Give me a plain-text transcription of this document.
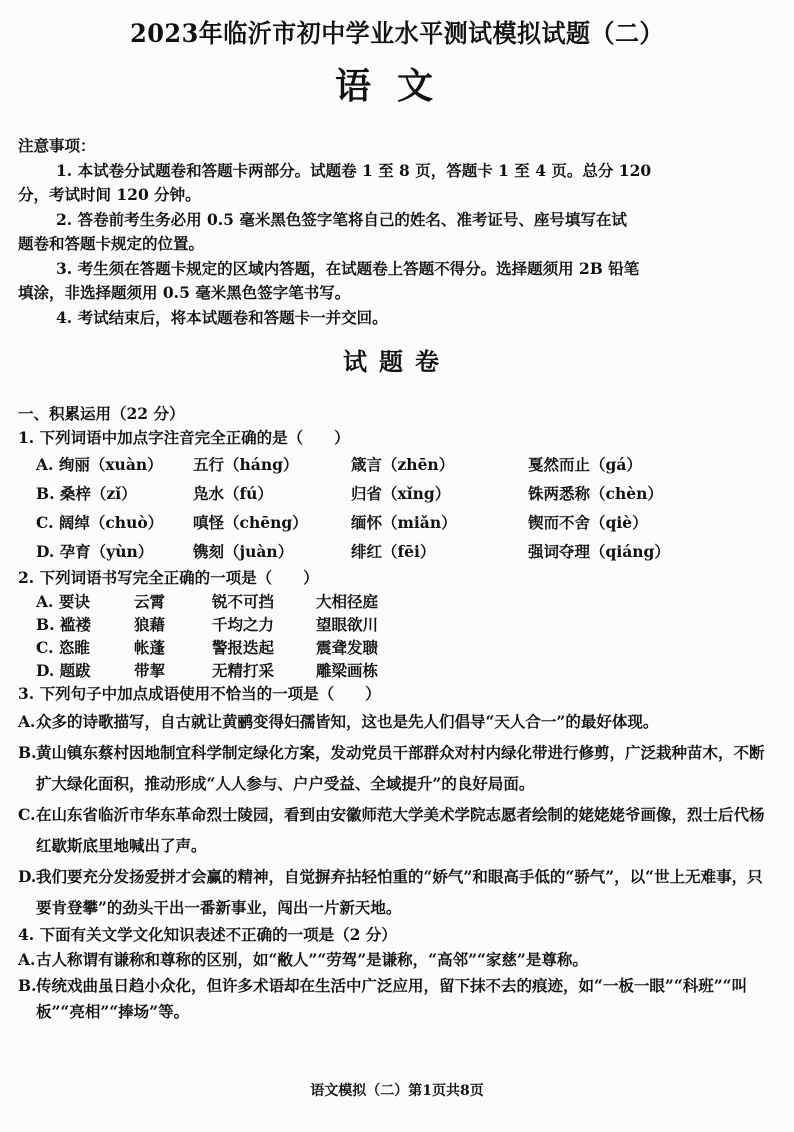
2023年临沂市初中学业水平测试模拟试题（二）
语文

注意事项：

1. 本试卷分试题卷和答题卡两部分。试题卷 1 至 8 页，答题卡 1 至 4 页。总分 120

分，考试时间 120 分钟。

2. 答卷前考生务必用 0.5 毫米黑色签字笔将自己的姓名、准考证号、座号填写在试

题卷和答题卡规定的位置。

3. 考生须在答题卡规定的区域内答题，在试题卷上答题不得分。选择题须用 2B 铅笔

填涂，非选择题须用 0.5 毫米黑色签字笔书写。

4. 考试结束后，将本试题卷和答题卡一并交回。

试题卷
一、积累运用（22 分）

1. 下列词语中加点字注音完全正确的是（　　）

A. 绚丽（xuàn）	五行（háng）	箴言（zhēn）	戛然而止（gá）
B. 桑梓（zǐ）	凫水（fú）	归省（xǐng）	铢两悉称（chèn）
C. 阔绰（chuò）	嗔怪（chēng）	缅怀（miǎn）	锲而不舍（qiè）
D. 孕育（yùn）	镌刻（juàn）	绯红（fēi）	强词夺理（qiáng）

2. 下列词语书写完全正确的一项是（　　）

A. 要诀	云霄	锐不可挡	大相径庭
B. 褴褛	狼藉	千均之力	望眼欲川
C. 恣睢	帐蓬	警报迭起	震聋发聩
D. 题跋	带挈	无精打采	雕梁画栋

3. 下列句子中加点成语使用不恰当的一项是（　　）

A.众多的诗歌描写，自古就让黄鹂变得妇孺皆知，这也是先人们倡导“天人合一”的最好体现。

B.黄山镇东蔡村因地制宜科学制定绿化方案，发动党员干部群众对村内绿化带进行修剪，广泛栽种苗木，不断扩大绿化面积，推动形成“人人参与、户户受益、全域提升”的良好局面。

C.在山东省临沂市华东革命烈士陵园，看到由安徽师范大学美术学院志愿者绘制的姥姥姥爷画像，烈士后代杨红歇斯底里地喊出了声。

D.我们要充分发扬爱拼才会赢的精神，自觉摒弃拈轻怕重的“娇气”和眼高手低的“骄气”，以“世上无难事，只要肯登攀”的劲头干出一番新事业，闯出一片新天地。

4. 下面有关文学文化知识表述不正确的一项是（2 分）

A.古人称谓有谦称和尊称的区别，如“敝人”“劳驾”是谦称，“高邻”“家慈”是尊称。

B.传统戏曲虽日趋小众化，但许多术语却在生活中广泛应用，留下抹不去的痕迹，如“一板一眼”“科班”“叫板”“亮相”“捧场”等。

语文模拟（二）第1页共8页
